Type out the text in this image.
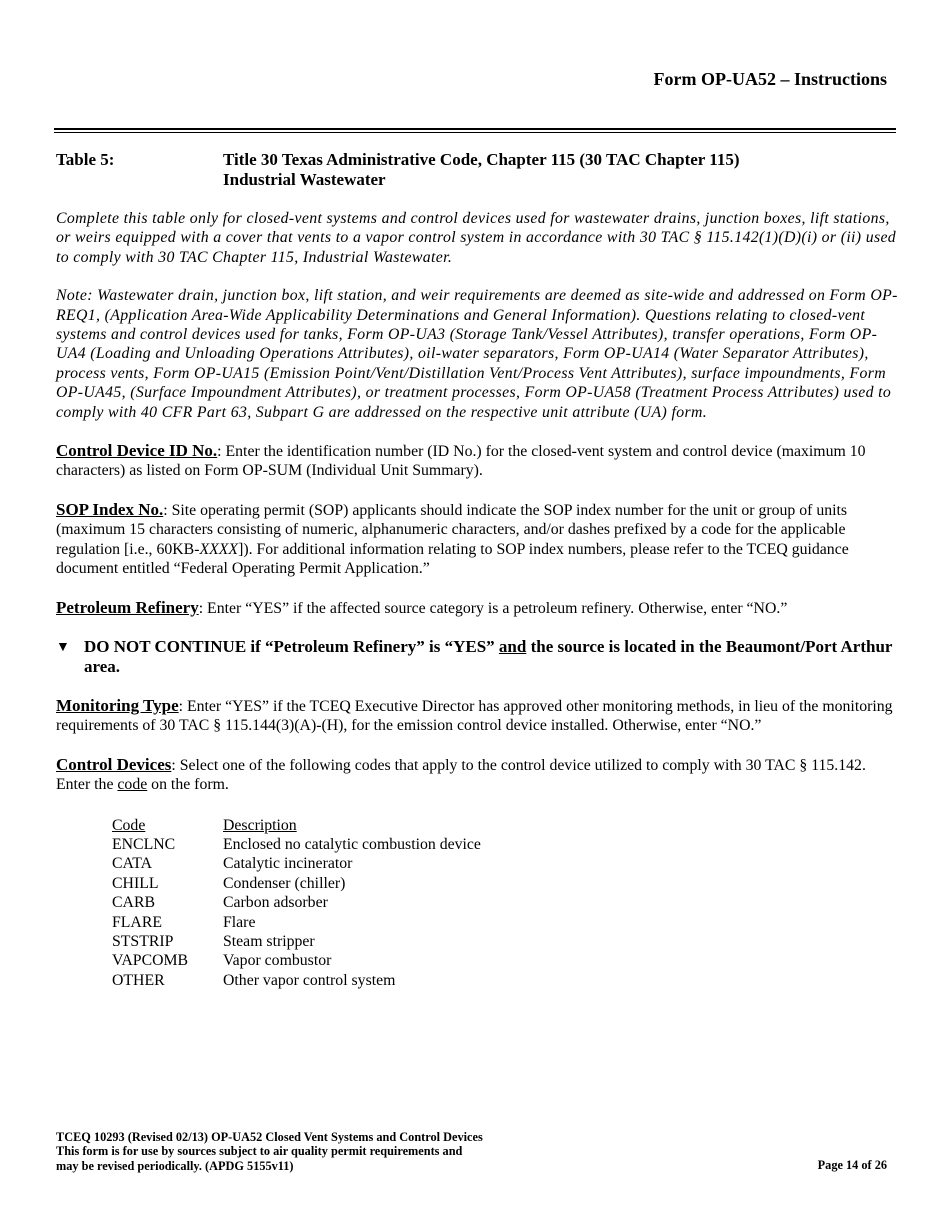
Form OP-UA52 – Instructions
Table 5:	Title 30 Texas Administrative Code, Chapter 115 (30 TAC Chapter 115)
Industrial Wastewater

Complete this table only for closed-vent systems and control devices used for wastewater drains, junction boxes, lift stations, or weirs equipped with a cover that vents to a vapor control system in accordance with 30 TAC § 115.142(1)(D)(i) or (ii) used to comply with 30 TAC Chapter 115, Industrial Wastewater.

Note: Wastewater drain, junction box, lift station, and weir requirements are deemed as site-wide and addressed on Form OP-REQ1, (Application Area-Wide Applicability Determinations and General Information). Questions relating to closed-vent systems and control devices used for tanks, Form OP-UA3 (Storage Tank/Vessel Attributes), transfer operations, Form OP-UA4 (Loading and Unloading Operations Attributes), oil-water separators, Form OP-UA14 (Water Separator Attributes), process vents, Form OP-UA15 (Emission Point/Vent/Distillation Vent/Process Vent Attributes), surface impoundments, Form OP-UA45, (Surface Impoundment Attributes), or treatment processes, Form OP-UA58 (Treatment Process Attributes) used to comply with 40 CFR Part 63, Subpart G are addressed on the respective unit attribute (UA) form.

Control Device ID No.: Enter the identification number (ID No.) for the closed-vent system and control device (maximum 10 characters) as listed on Form OP-SUM (Individual Unit Summary).

SOP Index No.: Site operating permit (SOP) applicants should indicate the SOP index number for the unit or group of units (maximum 15 characters consisting of numeric, alphanumeric characters, and/or dashes prefixed by a code for the applicable regulation [i.e., 60KB-XXXX]). For additional information relating to SOP index numbers, please refer to the TCEQ guidance document entitled “Federal Operating Permit Application.”

Petroleum Refinery: Enter “YES” if the affected source category is a petroleum refinery. Otherwise, enter “NO.”

▼ DO NOT CONTINUE if “Petroleum Refinery” is “YES” and the source is located in the Beaumont/Port Arthur area.

Monitoring Type: Enter “YES” if the TCEQ Executive Director has approved other monitoring methods, in lieu of the monitoring requirements of 30 TAC § 115.144(3)(A)-(H), for the emission control device installed. Otherwise, enter “NO.”

Control Devices: Select one of the following codes that apply to the control device utilized to comply with 30 TAC § 115.142. Enter the code on the form.

Code	Description
ENCLNC	Enclosed no catalytic combustion device
CATA	Catalytic incinerator
CHILL	Condenser (chiller)
CARB	Carbon adsorber
FLARE	Flare
STSTRIP	Steam stripper
VAPCOMB	Vapor combustor
OTHER	Other vapor control system
TCEQ 10293 (Revised 02/13) OP-UA52 Closed Vent Systems and Control Devices
This form is for use by sources subject to air quality permit requirements and
may be revised periodically. (APDG 5155v11)	Page 14 of 26
